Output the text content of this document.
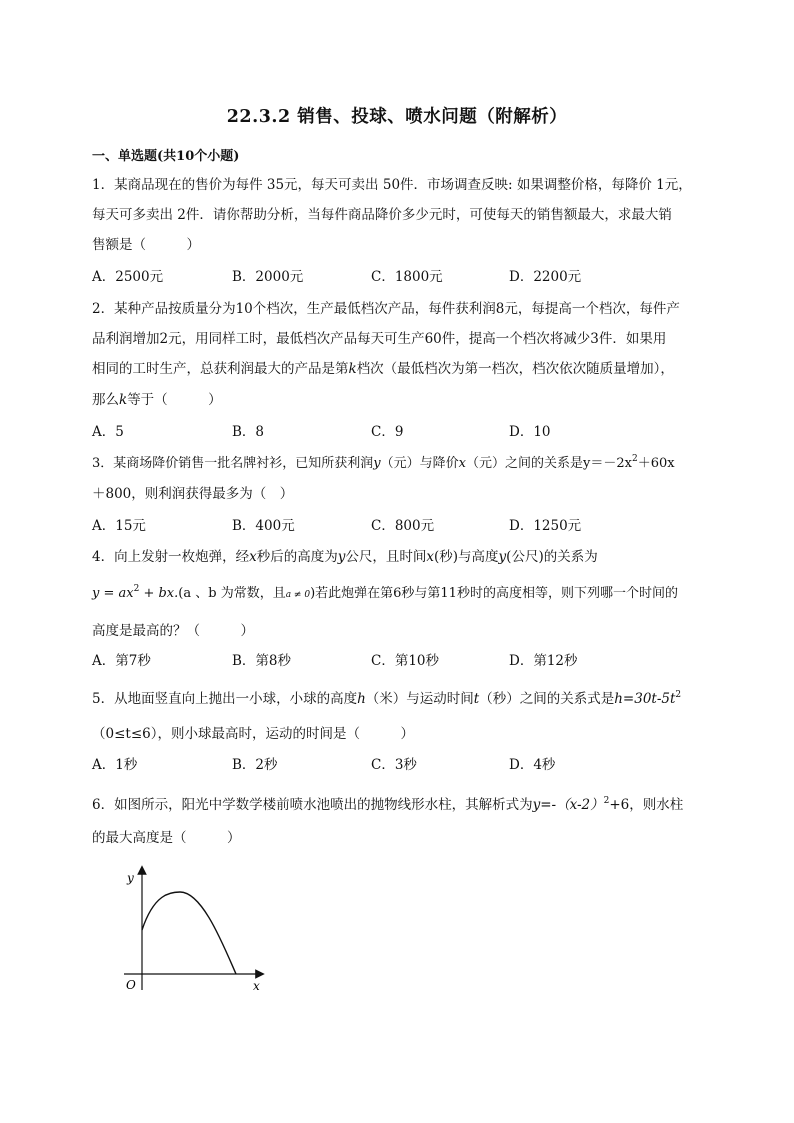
22.3.2 销售、投球、喷水问题（附解析）
一、单选题(共10个小题)
1．某商品现在的售价为每件 35元，每天可卖出 50件．市场调查反映: 如果调整价格，每降价 1元，
每天可多卖出 2件．请你帮助分析，当每件商品降价多少元时，可使每天的销售额最大，求最大销
售额是（　　　）
A．2500元	B．2000元	C．1800元	D．2200元
2．某种产品按质量分为10个档次，生产最低档次产品，每件获利润8元，每提高一个档次，每件产
品利润增加2元，用同样工时，最低档次产品每天可生产60件，提高一个档次将减少3件．如果用
相同的工时生产，总获利润最大的产品是第k档次（最低档次为第一档次，档次依次随质量增加），
那么k等于（　　　）
A．5	B．8	C．9	D．10
3．某商场降价销售一批名牌衬衫，已知所获利润y（元）与降价x（元）之间的关系是$y=-2x^2+60x$
＋800，则利润获得最多为（　）
A．15元	B．400元	C．800元	D．1250元
4．向上发射一枚炮弹，经x秒后的高度为y公尺，且时间x(秒)与高度y(公尺)的关系为
$y = ax^2 + bx.(a$ 、b 为常数，且a ≠ 0)若此炮弹在第6秒与第11秒时的高度相等，则下列哪一个时间的
高度是最高的？（　　　）
A．第7秒	B．第8秒	C．第10秒	D．第12秒
5．从地面竖直向上抛出一小球，小球的高度h（米）与运动时间t（秒）之间的关系式是$h=30t-5t^2$
（0≤t≤6），则小球最高时，运动的时间是（　　　）
A．1秒	B．2秒	C．3秒	D．4秒
6．如图所示，阳光中学数学楼前喷水池喷出的抛物线形水柱，其解析式为$y=-(x-2)^2+6$，则水柱
的最大高度是（　　　）
y
x
O
